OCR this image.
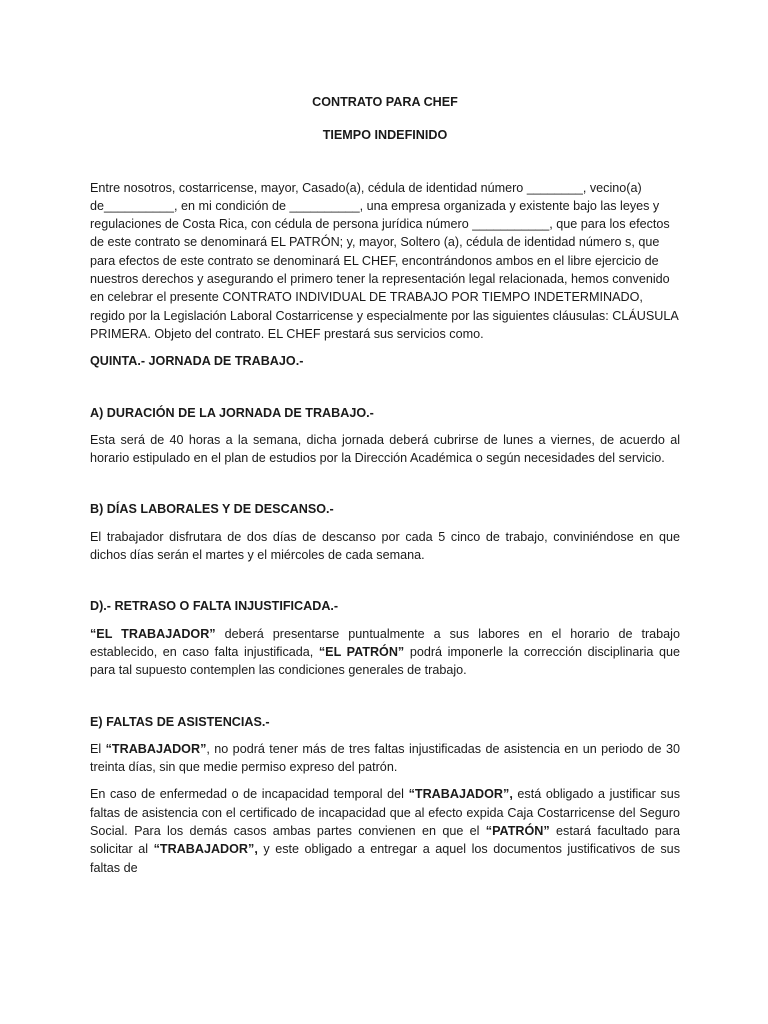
CONTRATO PARA CHEF

TIEMPO INDEFINIDO

Entre nosotros, costarricense, mayor, Casado(a), cédula de identidad número ________, vecino(a) de__________, en mi condición de __________, una empresa organizada y existente bajo las leyes y regulaciones de Costa Rica, con cédula de persona jurídica número ___________, que para los efectos de este contrato se denominará EL PATRÓN; y, mayor, Soltero (a), cédula de identidad número s, que para efectos de este contrato se denominará EL CHEF, encontrándonos ambos en el libre ejercicio de nuestros derechos y asegurando el primero tener la representación legal relacionada, hemos convenido en celebrar el presente CONTRATO INDIVIDUAL DE TRABAJO POR TIEMPO INDETERMINADO, regido por la Legislación Laboral Costarricense y especialmente por las siguientes cláusulas: CLÁUSULA PRIMERA. Objeto del contrato. EL CHEF prestará sus servicios como.

QUINTA.- JORNADA DE TRABAJO.-

A) DURACIÓN DE LA JORNADA DE TRABAJO.-

Esta será de 40 horas a la semana, dicha jornada deberá cubrirse de lunes a viernes, de acuerdo al horario estipulado en el plan de estudios por la Dirección Académica o según necesidades del servicio.

B) DÍAS LABORALES Y DE DESCANSO.-

El trabajador disfrutara de dos días de descanso por cada 5 cinco de trabajo, conviniéndose en que dichos días serán el martes y el miércoles de cada semana.

D).- RETRASO O FALTA INJUSTIFICADA.-

“EL TRABAJADOR” deberá presentarse puntualmente a sus labores en el horario de trabajo establecido, en caso falta injustificada, “EL PATRÓN” podrá imponerle la corrección disciplinaria que para tal supuesto contemplen las condiciones generales de trabajo.

E) FALTAS DE ASISTENCIAS.-

El “TRABAJADOR”, no podrá tener más de tres faltas injustificadas de asistencia en un periodo de 30 treinta días, sin que medie permiso expreso del patrón.

En caso de enfermedad o de incapacidad temporal del “TRABAJADOR”, está obligado a justificar sus faltas de asistencia con el certificado de incapacidad que al efecto expida Caja Costarricense del Seguro Social. Para los demás casos ambas partes convienen en que el “PATRÓN” estará facultado para solicitar al “TRABAJADOR”, y este obligado a entregar a aquel los documentos justificativos de sus faltas de
